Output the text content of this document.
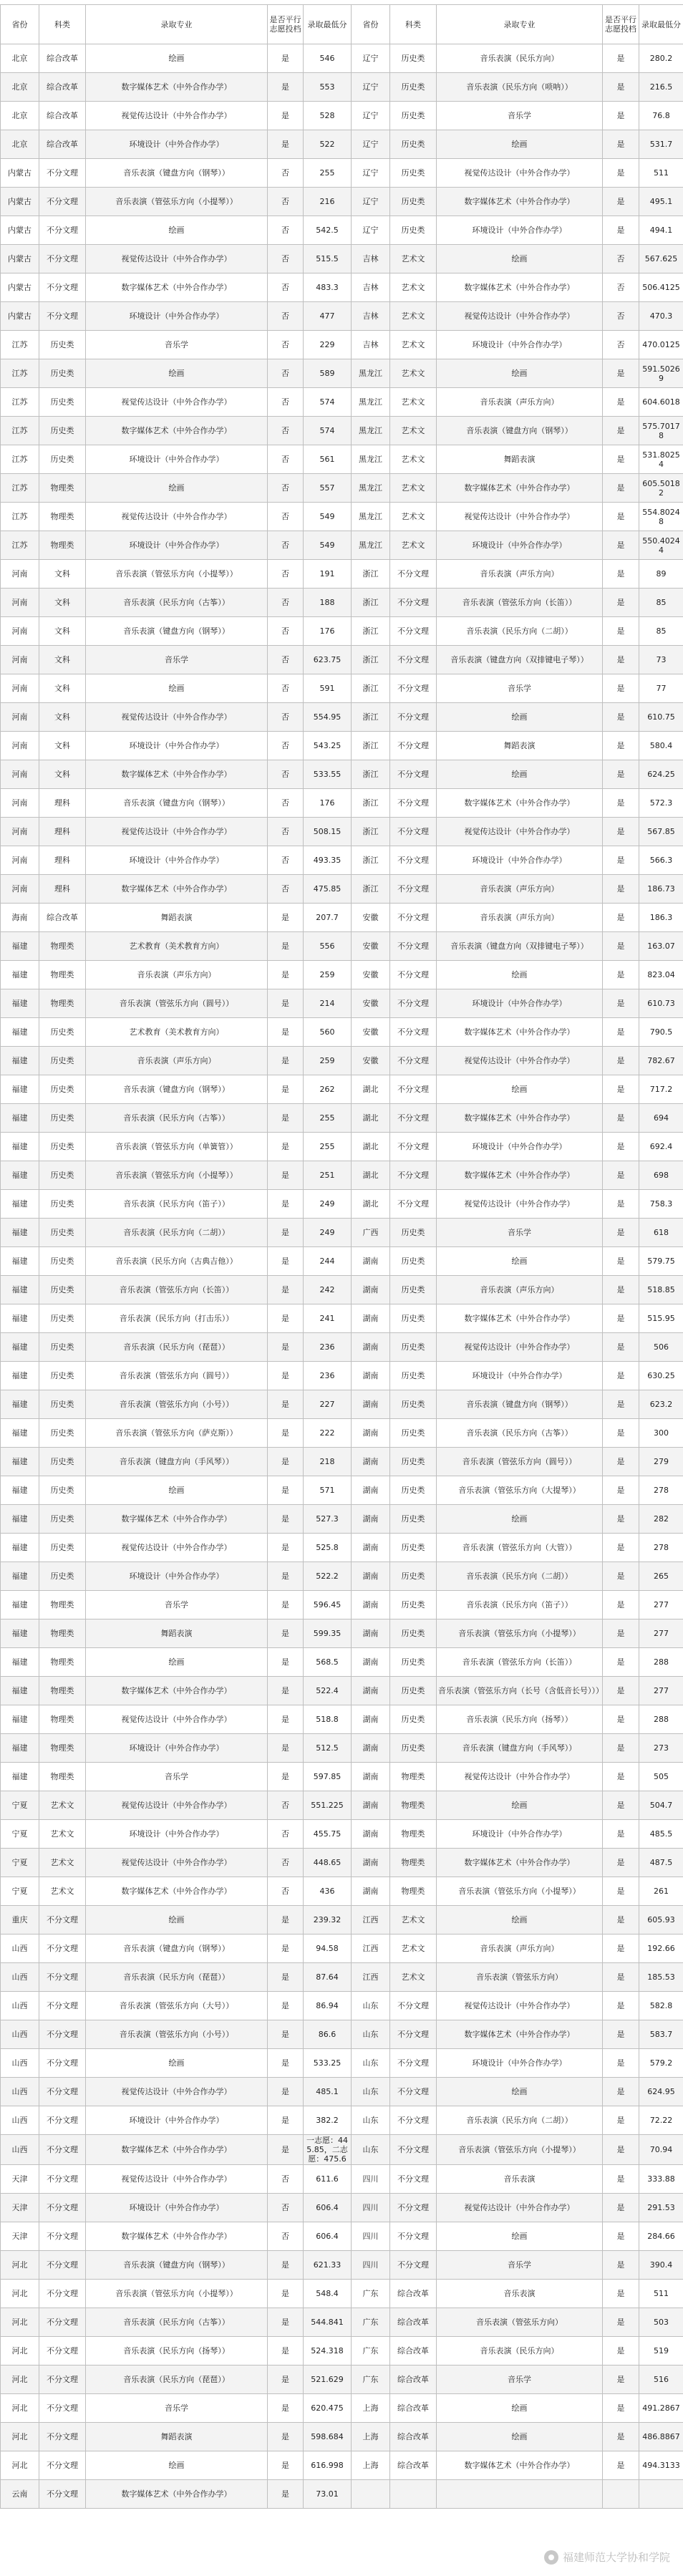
省份	科类	录取专业	是否平行志愿投档	录取最低分	省份	科类	录取专业	是否平行志愿投档	录取最低分
北京	综合改革	绘画	是	546	辽宁	历史类	音乐表演（民乐方向）	是	280.2
北京	综合改革	数字媒体艺术（中外合作办学）	是	553	辽宁	历史类	音乐表演（民乐方向（唢呐））	是	216.5
北京	综合改革	视觉传达设计（中外合作办学）	是	528	辽宁	历史类	音乐学	是	76.8
北京	综合改革	环境设计（中外合作办学）	是	522	辽宁	历史类	绘画	是	531.7
内蒙古	不分文理	音乐表演（键盘方向（钢琴））	否	255	辽宁	历史类	视觉传达设计（中外合作办学）	是	511
内蒙古	不分文理	音乐表演（管弦乐方向（小提琴））	否	216	辽宁	历史类	数字媒体艺术（中外合作办学）	是	495.1
内蒙古	不分文理	绘画	否	542.5	辽宁	历史类	环境设计（中外合作办学）	是	494.1
内蒙古	不分文理	视觉传达设计（中外合作办学）	否	515.5	吉林	艺术文	绘画	否	567.625
内蒙古	不分文理	数字媒体艺术（中外合作办学）	否	483.3	吉林	艺术文	数字媒体艺术（中外合作办学）	否	506.4125
内蒙古	不分文理	环境设计（中外合作办学）	否	477	吉林	艺术文	视觉传达设计（中外合作办学）	否	470.3
江苏	历史类	音乐学	否	229	吉林	艺术文	环境设计（中外合作办学）	否	470.0125
江苏	历史类	绘画	否	589	黑龙江	艺术文	绘画	是	591.50269
江苏	历史类	视觉传达设计（中外合作办学）	否	574	黑龙江	艺术文	音乐表演（声乐方向）	是	604.6018
江苏	历史类	数字媒体艺术（中外合作办学）	否	574	黑龙江	艺术文	音乐表演（键盘方向（钢琴））	是	575.70178
江苏	历史类	环境设计（中外合作办学）	否	561	黑龙江	艺术文	舞蹈表演	是	531.80254
江苏	物理类	绘画	否	557	黑龙江	艺术文	数字媒体艺术（中外合作办学）	是	605.50182
江苏	物理类	视觉传达设计（中外合作办学）	否	549	黑龙江	艺术文	视觉传达设计（中外合作办学）	是	554.80248
江苏	物理类	环境设计（中外合作办学）	否	549	黑龙江	艺术文	环境设计（中外合作办学）	是	550.40244
河南	文科	音乐表演（管弦乐方向（小提琴））	否	191	浙江	不分文理	音乐表演（声乐方向）	是	89
河南	文科	音乐表演（民乐方向（古筝））	否	188	浙江	不分文理	音乐表演（管弦乐方向（长笛））	是	85
河南	文科	音乐表演（键盘方向（钢琴））	否	176	浙江	不分文理	音乐表演（民乐方向（二胡））	是	85
河南	文科	音乐学	否	623.75	浙江	不分文理	音乐表演（键盘方向（双排键电子琴））	是	73
河南	文科	绘画	否	591	浙江	不分文理	音乐学	是	77
河南	文科	视觉传达设计（中外合作办学）	否	554.95	浙江	不分文理	绘画	是	610.75
河南	文科	环境设计（中外合作办学）	否	543.25	浙江	不分文理	舞蹈表演	是	580.4
河南	文科	数字媒体艺术（中外合作办学）	否	533.55	浙江	不分文理	绘画	是	624.25
河南	理科	音乐表演（键盘方向（钢琴））	否	176	浙江	不分文理	数字媒体艺术（中外合作办学）	是	572.3
河南	理科	视觉传达设计（中外合作办学）	否	508.15	浙江	不分文理	视觉传达设计（中外合作办学）	是	567.85
河南	理科	环境设计（中外合作办学）	否	493.35	浙江	不分文理	环境设计（中外合作办学）	是	566.3
河南	理科	数字媒体艺术（中外合作办学）	否	475.85	浙江	不分文理	音乐表演（声乐方向）	是	186.73
海南	综合改革	舞蹈表演	是	207.7	安徽	不分文理	音乐表演（声乐方向）	是	186.3
福建	物理类	艺术教育（美术教育方向）	是	556	安徽	不分文理	音乐表演（键盘方向（双排键电子琴））	是	163.07
福建	物理类	音乐表演（声乐方向）	是	259	安徽	不分文理	绘画	是	823.04
福建	物理类	音乐表演（管弦乐方向（圆号））	是	214	安徽	不分文理	环境设计（中外合作办学）	是	610.73
福建	历史类	艺术教育（美术教育方向）	是	560	安徽	不分文理	数字媒体艺术（中外合作办学）	是	790.5
福建	历史类	音乐表演（声乐方向）	是	259	安徽	不分文理	视觉传达设计（中外合作办学）	是	782.67
福建	历史类	音乐表演（键盘方向（钢琴））	是	262	湖北	不分文理	绘画	是	717.2
福建	历史类	音乐表演（民乐方向（古筝））	是	255	湖北	不分文理	数字媒体艺术（中外合作办学）	是	694
福建	历史类	音乐表演（管弦乐方向（单簧管））	是	255	湖北	不分文理	环境设计（中外合作办学）	是	692.4
福建	历史类	音乐表演（管弦乐方向（小提琴））	是	251	湖北	不分文理	数字媒体艺术（中外合作办学）	是	698
福建	历史类	音乐表演（民乐方向（笛子））	是	249	湖北	不分文理	视觉传达设计（中外合作办学）	是	758.3
福建	历史类	音乐表演（民乐方向（二胡））	是	249	广西	历史类	音乐学	是	618
福建	历史类	音乐表演（民乐方向（古典吉他））	是	244	湖南	历史类	绘画	是	579.75
福建	历史类	音乐表演（管弦乐方向（长笛））	是	242	湖南	历史类	音乐表演（声乐方向）	是	518.85
福建	历史类	音乐表演（民乐方向（打击乐））	是	241	湖南	历史类	数字媒体艺术（中外合作办学）	是	515.95
福建	历史类	音乐表演（民乐方向（琵琶））	是	236	湖南	历史类	视觉传达设计（中外合作办学）	是	506
福建	历史类	音乐表演（管弦乐方向（圆号））	是	236	湖南	历史类	环境设计（中外合作办学）	是	630.25
福建	历史类	音乐表演（管弦乐方向（小号））	是	227	湖南	历史类	音乐表演（键盘方向（钢琴））	是	623.2
福建	历史类	音乐表演（管弦乐方向（萨克斯））	是	222	湖南	历史类	音乐表演（民乐方向（古筝））	是	300
福建	历史类	音乐表演（键盘方向（手风琴））	是	218	湖南	历史类	音乐表演（管弦乐方向（圆号））	是	279
福建	历史类	绘画	是	571	湖南	历史类	音乐表演（管弦乐方向（大提琴））	是	278
福建	历史类	数字媒体艺术（中外合作办学）	是	527.3	湖南	历史类	绘画	是	282
福建	历史类	视觉传达设计（中外合作办学）	是	525.8	湖南	历史类	音乐表演（管弦乐方向（大管））	是	278
福建	历史类	环境设计（中外合作办学）	是	522.2	湖南	历史类	音乐表演（民乐方向（二胡））	是	265
福建	物理类	音乐学	是	596.45	湖南	历史类	音乐表演（民乐方向（笛子））	是	277
福建	物理类	舞蹈表演	是	599.35	湖南	历史类	音乐表演（管弦乐方向（小提琴））	是	277
福建	物理类	绘画	是	568.5	湖南	历史类	音乐表演（管弦乐方向（长笛））	是	288
福建	物理类	数字媒体艺术（中外合作办学）	是	522.4	湖南	历史类	音乐表演（管弦乐方向（长号（含低音长号）））	是	277
福建	物理类	视觉传达设计（中外合作办学）	是	518.8	湖南	历史类	音乐表演（民乐方向（扬琴））	是	288
福建	物理类	环境设计（中外合作办学）	是	512.5	湖南	历史类	音乐表演（键盘方向（手风琴））	是	273
福建	物理类	音乐学	是	597.85	湖南	物理类	视觉传达设计（中外合作办学）	是	505
宁夏	艺术文	视觉传达设计（中外合作办学）	否	551.225	湖南	物理类	绘画	是	504.7
宁夏	艺术文	环境设计（中外合作办学）	否	455.75	湖南	物理类	环境设计（中外合作办学）	是	485.5
宁夏	艺术文	视觉传达设计（中外合作办学）	否	448.65	湖南	物理类	数字媒体艺术（中外合作办学）	是	487.5
宁夏	艺术文	数字媒体艺术（中外合作办学）	否	436	湖南	物理类	音乐表演（管弦乐方向（小提琴））	是	261
重庆	不分文理	绘画	是	239.32	江西	艺术文	绘画	是	605.93
山西	不分文理	音乐表演（键盘方向（钢琴））	是	94.58	江西	艺术文	音乐表演（声乐方向）	是	192.66
山西	不分文理	音乐表演（民乐方向（琵琶））	是	87.64	江西	艺术文	音乐表演（管弦乐方向）	是	185.53
山西	不分文理	音乐表演（管弦乐方向（大号））	是	86.94	山东	不分文理	视觉传达设计（中外合作办学）	是	582.8
山西	不分文理	音乐表演（管弦乐方向（小号））	是	86.6	山东	不分文理	数字媒体艺术（中外合作办学）	是	583.7
山西	不分文理	绘画	是	533.25	山东	不分文理	环境设计（中外合作办学）	是	579.2
山西	不分文理	视觉传达设计（中外合作办学）	是	485.1	山东	不分文理	绘画	是	624.95
山西	不分文理	环境设计（中外合作办学）	是	382.2	山东	不分文理	音乐表演（民乐方向（二胡））	是	72.22
山西	不分文理	数字媒体艺术（中外合作办学）	是	一志愿：445.85，二志愿：475.6	山东	不分文理	音乐表演（管弦乐方向（小提琴））	是	70.94
天津	不分文理	视觉传达设计（中外合作办学）	否	611.6	四川	不分文理	音乐表演	是	333.88
天津	不分文理	环境设计（中外合作办学）	否	606.4	四川	不分文理	视觉传达设计（中外合作办学）	是	291.53
天津	不分文理	数字媒体艺术（中外合作办学）	否	606.4	四川	不分文理	绘画	是	284.66
河北	不分文理	音乐表演（键盘方向（钢琴））	是	621.33	四川	不分文理	音乐学	是	390.4
河北	不分文理	音乐表演（管弦乐方向（小提琴））	是	548.4	广东	综合改革	音乐表演	是	511
河北	不分文理	音乐表演（民乐方向（古筝））	是	544.841	广东	综合改革	音乐表演（管弦乐方向）	是	503
河北	不分文理	音乐表演（民乐方向（扬琴））	是	524.318	广东	综合改革	音乐表演（民乐方向）	是	519
河北	不分文理	音乐表演（民乐方向（琵琶））	是	521.629	广东	综合改革	音乐学	是	516
河北	不分文理	音乐学	是	620.475	上海	综合改革	绘画	是	491.2867
河北	不分文理	舞蹈表演	是	598.684	上海	综合改革	绘画	是	486.8867
河北	不分文理	绘画	是	616.998	上海	综合改革	数字媒体艺术（中外合作办学）	是	494.3133
云南	不分文理	数字媒体艺术（中外合作办学）	是	73.01					
福建师范大学协和学院
